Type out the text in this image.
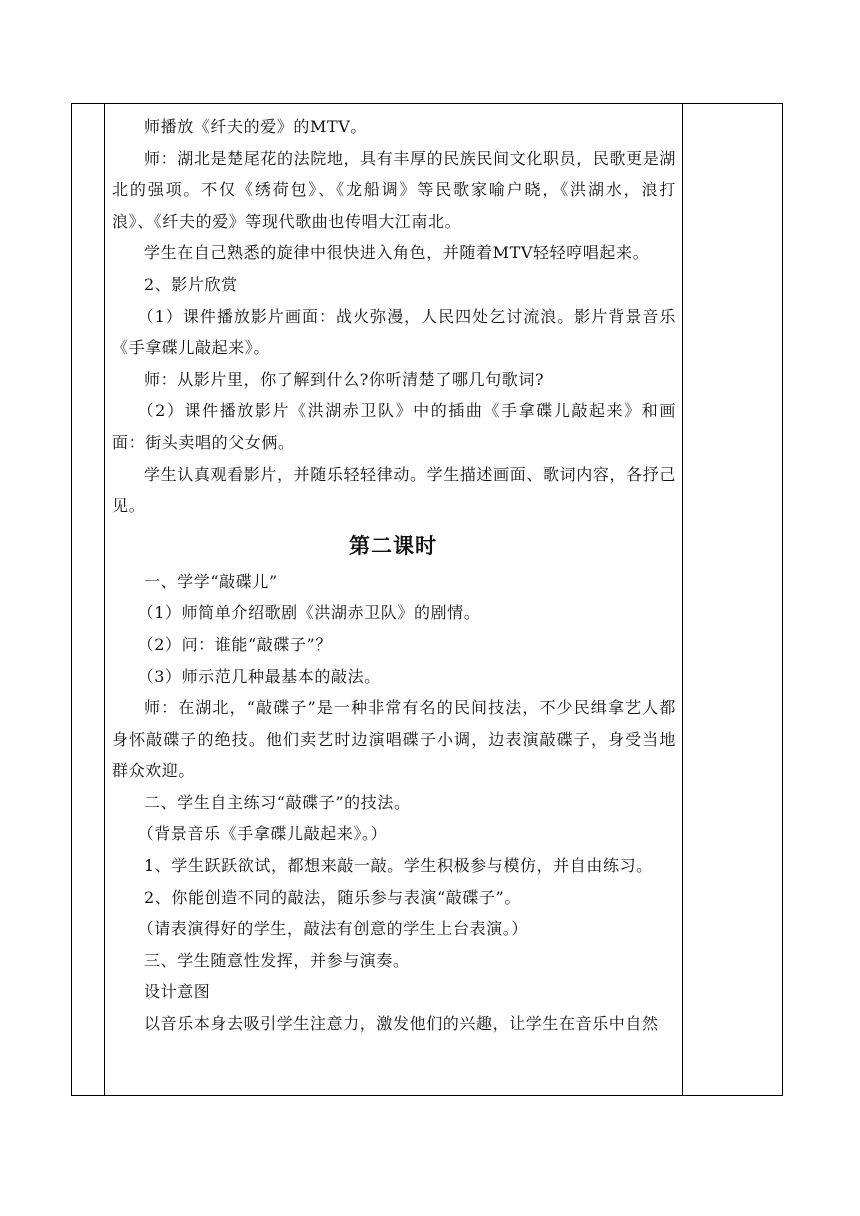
师播放《纤夫的爱》的MTV。

师：湖北是楚尾花的法院地，具有丰厚的民族民间文化职员，民歌更是湖北的强项。不仅《绣荷包》、《龙船调》等民歌家喻户晓，《洪湖水，浪打浪》、《纤夫的爱》等现代歌曲也传唱大江南北。

学生在自己熟悉的旋律中很快进入角色，并随着MTV轻轻哼唱起来。

2、影片欣赏

（1）课件播放影片画面：战火弥漫，人民四处乞讨流浪。影片背景音乐《手拿碟儿敲起来》。

师：从影片里，你了解到什么?你听清楚了哪几句歌词?

（2）课件播放影片《洪湖赤卫队》中的插曲《手拿碟儿敲起来》和画面：街头卖唱的父女俩。

学生认真观看影片，并随乐轻轻律动。学生描述画面、歌词内容，各抒己见。

第二课时

一、学学“敲碟儿”

（1）师简单介绍歌剧《洪湖赤卫队》的剧情。

（2）问：谁能“敲碟子”？

（3）师示范几种最基本的敲法。

师：在湖北，“敲碟子”是一种非常有名的民间技法，不少民缉拿艺人都身怀敲碟子的绝技。他们卖艺时边演唱碟子小调，边表演敲碟子，身受当地群众欢迎。

二、学生自主练习“敲碟子”的技法。

（背景音乐《手拿碟儿敲起来》。）

1、学生跃跃欲试，都想来敲一敲。学生积极参与模仿，并自由练习。

2、你能创造不同的敲法，随乐参与表演“敲碟子”。

（请表演得好的学生，敲法有创意的学生上台表演。）

三、学生随意性发挥，并参与演奏。

设计意图

以音乐本身去吸引学生注意力，激发他们的兴趣，让学生在音乐中自然
